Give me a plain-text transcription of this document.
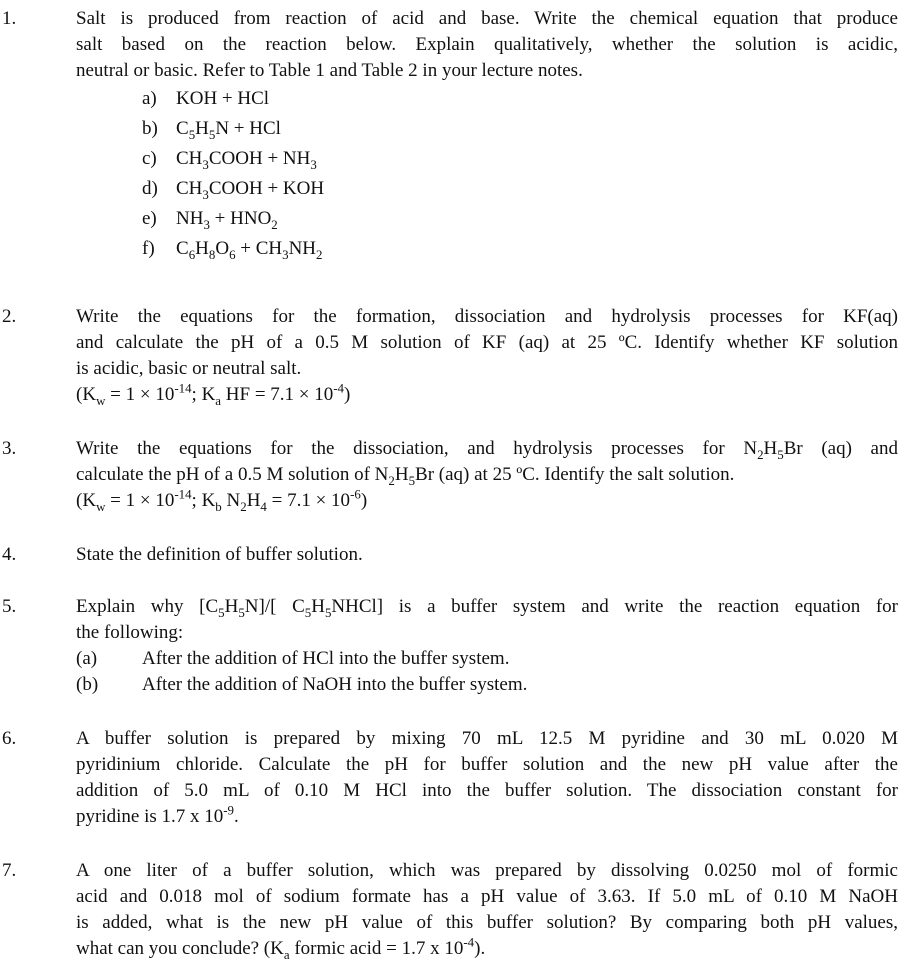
1.	Salt is produced from reaction of acid and base. Write the chemical equation that produce
salt based on the reaction below. Explain qualitatively, whether the solution is acidic,
neutral or basic. Refer to Table 1 and Table 2 in your lecture notes.
a) KOH + HCl
b) $C_5H_5N$ + HCl
c) $CH_3COOH + NH_3$
d) $CH_3COOH$ + KOH
e) $NH_3 + HNO_2$
f) $C_6H_8O_6 + CH_3NH_2$
2.	Write the equations for the formation, dissociation and hydrolysis processes for KF(aq)
and calculate the pH of a 0.5 M solution of KF (aq) at 25 ºC. Identify whether KF solution
is acidic, basic or neutral salt.
($K_w = 1 \times 10^{-14}$; $K_a$ HF = $7.1 \times 10^{-4}$)
3.	Write the equations for the dissociation, and hydrolysis processes for $N_2H_5Br$ (aq) and
calculate the pH of a 0.5 M solution of $N_2H_5Br$ (aq) at 25 ºC. Identify the salt solution.
($K_w = 1 \times 10^{-14}$; $K_b$ $N_2H_4 = 7.1 \times 10^{-6}$)
4.	State the definition of buffer solution.
5.	Explain why $[C_5H_5N]/$[ $C_5H_5NHCl$] is a buffer system and write the reaction equation for
the following:
(a) After the addition of HCl into the buffer system.
(b) After the addition of NaOH into the buffer system.
6.	A buffer solution is prepared by mixing 70 mL 12.5 M pyridine and 30 mL 0.020 M
pyridinium chloride. Calculate the pH for buffer solution and the new pH value after the
addition of 5.0 mL of 0.10 M HCl into the buffer solution. The dissociation constant for
pyridine is 1.7 x $10^{-9}$.
7.	A one liter of a buffer solution, which was prepared by dissolving 0.0250 mol of formic
acid and 0.018 mol of sodium formate has a pH value of 3.63. If 5.0 mL of 0.10 M NaOH
is added, what is the new pH value of this buffer solution? By comparing both pH values,
what can you conclude? ($K_a$ formic acid = 1.7 x $10^{-4}$).
